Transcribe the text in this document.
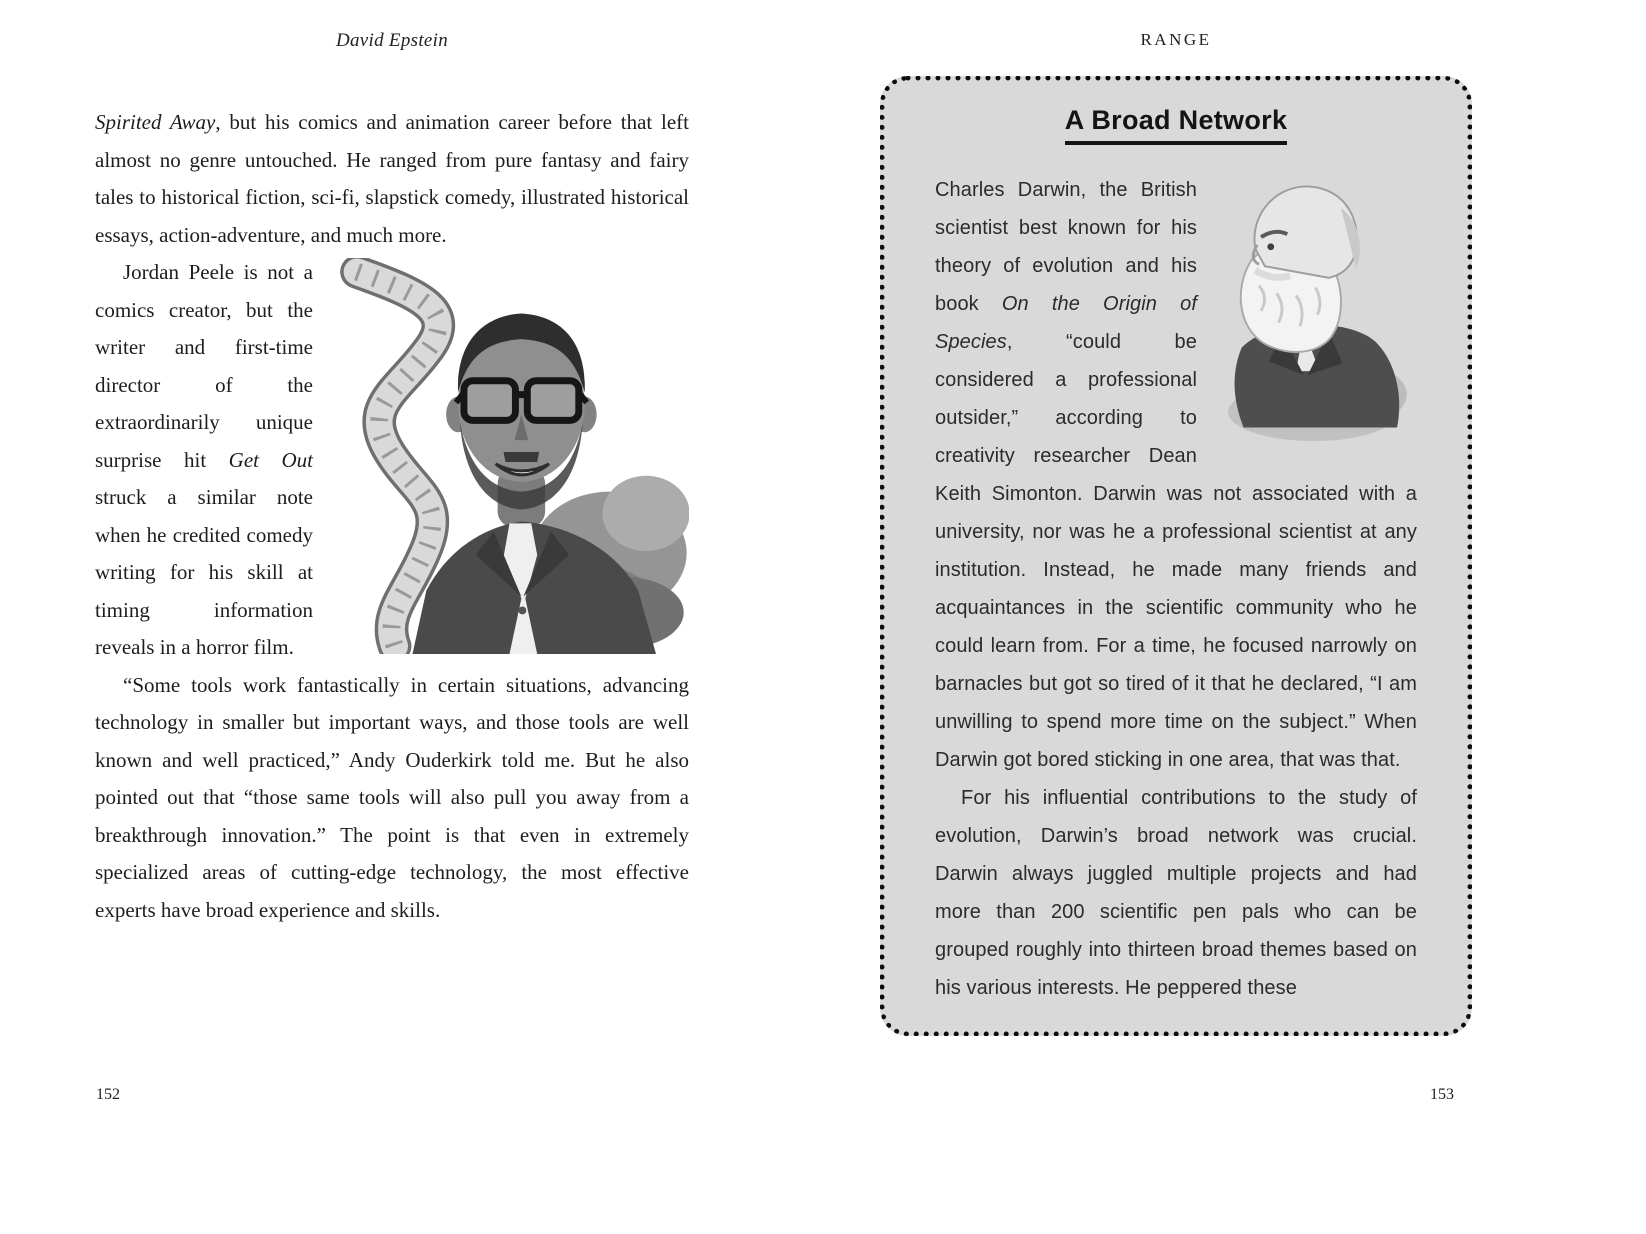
David Epstein

Spirited Away, but his comics and animation career before that left almost no genre untouched. He ranged from pure fantasy and fairy tales to historical fiction, sci-fi, slapstick comedy, illustrated historical essays, action-adventure, and much more.

Jordan Peele is not a comics creator, but the writer and first-time director of the extraordinarily unique surprise hit Get Out struck a similar note when he credited comedy writing for his skill at timing information reveals in a horror film.

“Some tools work fantastically in certain situations, advancing technology in smaller but important ways, and those tools are well known and well practiced,” Andy Ouderkirk told me. But he also pointed out that “those same tools will also pull you away from a breakthrough innovation.” The point is that even in extremely specialized areas of cutting-edge technology, the most effective experts have broad experience and skills.

RANGE
A Broad Network

Charles Darwin, the British scientist best known for his theory of evolution and his book On the Origin of Species, “could be considered a professional outsider,” according to creativity researcher Dean Keith Simonton. Darwin was not associated with a university, nor was he a professional scientist at any institution. Instead, he made many friends and acquaintances in the scientific community who he could learn from. For a time, he focused narrowly on barnacles but got so tired of it that he declared, “I am unwilling to spend more time on the subject.” When Darwin got bored sticking in one area, that was that.

For his influential contributions to the study of evolution, Darwin’s broad network was crucial. Darwin always juggled multiple projects and had more than 200 scientific pen pals who can be grouped roughly into thirteen broad themes based on his various interests. He peppered these

152	153
